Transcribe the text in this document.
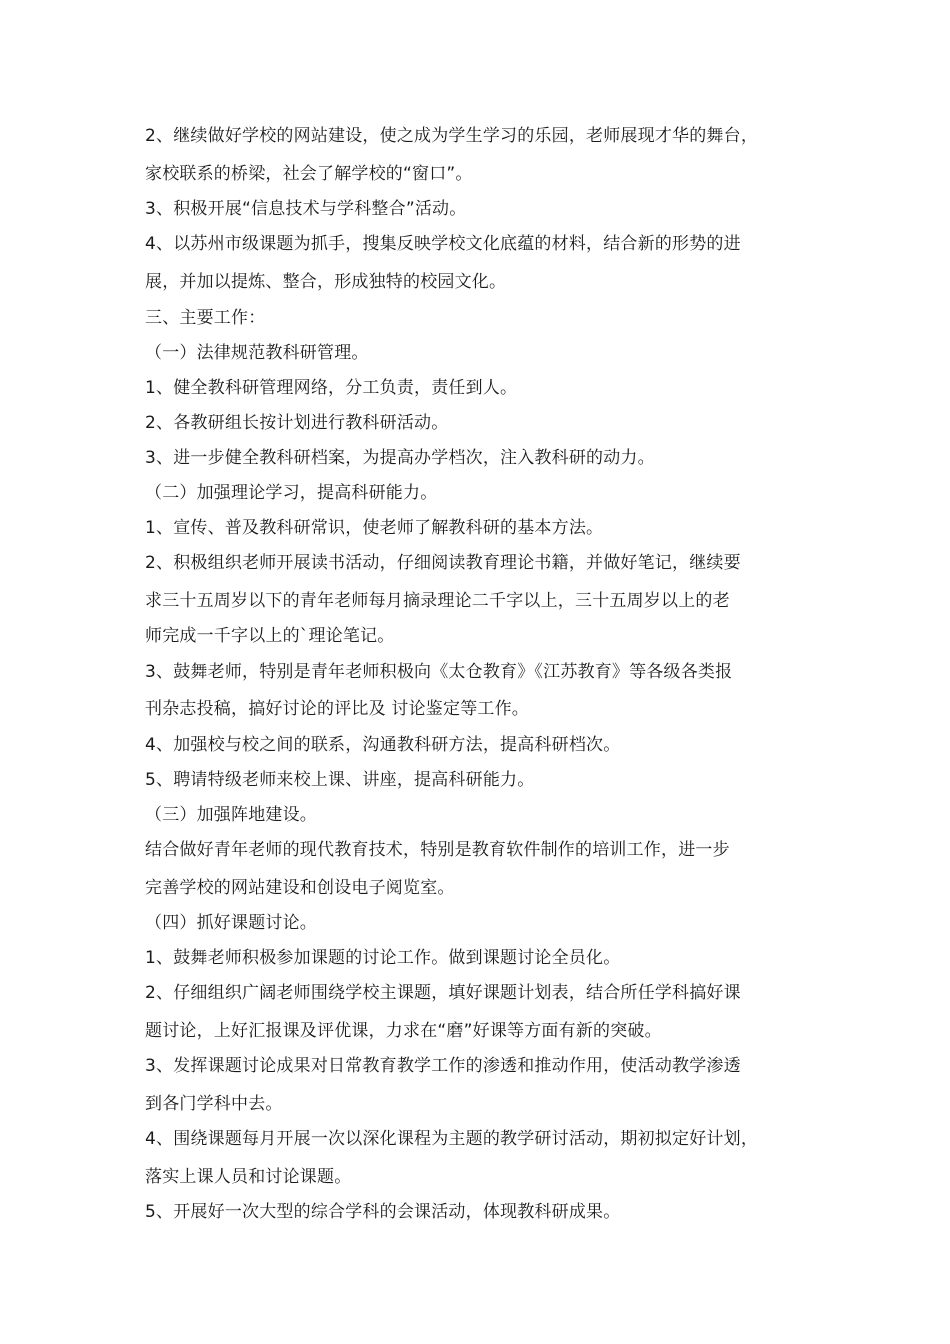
2、继续做好学校的网站建设，使之成为学生学习的乐园，老师展现才华的舞台，
家校联系的桥梁，社会了解学校的“窗口”。
3、积极开展“信息技术与学科整合”活动。
4、以苏州市级课题为抓手，搜集反映学校文化底蕴的材料，结合新的形势的进
展，并加以提炼、整合，形成独特的校园文化。
三、主要工作：
（一）法律规范教科研管理。
1、健全教科研管理网络，分工负责，责任到人。
2、各教研组长按计划进行教科研活动。
3、进一步健全教科研档案，为提高办学档次，注入教科研的动力。
（二）加强理论学习，提高科研能力。
1、宣传、普及教科研常识，使老师了解教科研的基本方法。
2、积极组织老师开展读书活动，仔细阅读教育理论书籍，并做好笔记，继续要
求三十五周岁以下的青年老师每月摘录理论二千字以上，三十五周岁以上的老
师完成一千字以上的`理论笔记。
3、鼓舞老师，特别是青年老师积极向《太仓教育》《江苏教育》等各级各类报
刊杂志投稿，搞好讨论的评比及 讨论鉴定等工作。
4、加强校与校之间的联系，沟通教科研方法，提高科研档次。
5、聘请特级老师来校上课、讲座，提高科研能力。
（三）加强阵地建设。
结合做好青年老师的现代教育技术，特别是教育软件制作的培训工作，进一步
完善学校的网站建设和创设电子阅览室。
（四）抓好课题讨论。
1、鼓舞老师积极参加课题的讨论工作。做到课题讨论全员化。
2、仔细组织广阔老师围绕学校主课题，填好课题计划表，结合所任学科搞好课
题讨论，上好汇报课及评优课，力求在“磨”好课等方面有新的突破。
3、发挥课题讨论成果对日常教育教学工作的渗透和推动作用，使活动教学渗透
到各门学科中去。
4、围绕课题每月开展一次以深化课程为主题的教学研讨活动，期初拟定好计划，
落实上课人员和讨论课题。
5、开展好一次大型的综合学科的会课活动，体现教科研成果。
